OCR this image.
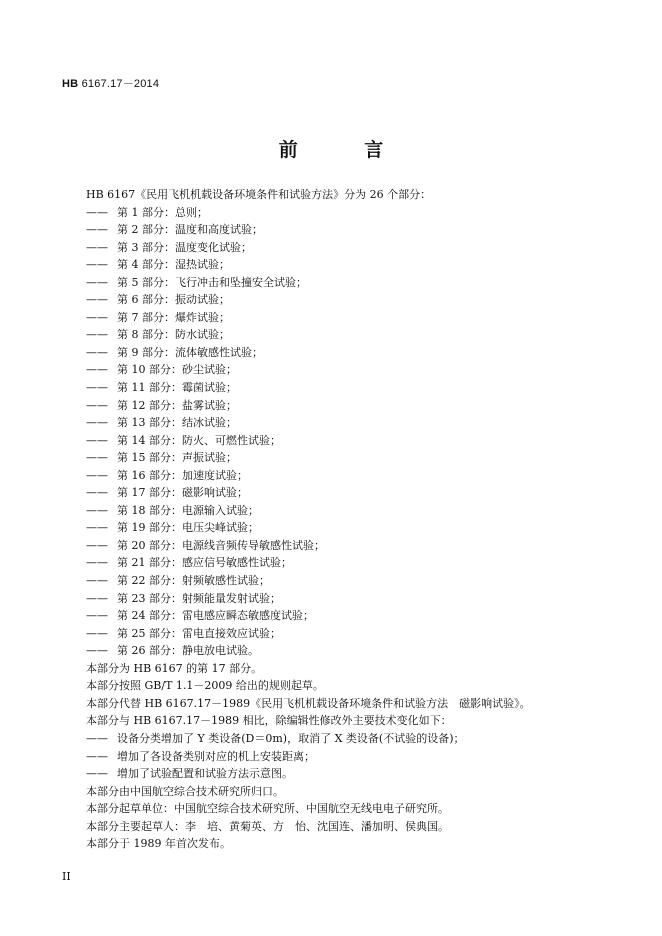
HB 6167.17－2014
前 言
HB 6167《民用飞机机载设备环境条件和试验方法》分为 26 个部分：
—— 第 1 部分：总则；
—— 第 2 部分：温度和高度试验；
—— 第 3 部分：温度变化试验；
—— 第 4 部分：湿热试验；
—— 第 5 部分：飞行冲击和坠撞安全试验；
—— 第 6 部分：振动试验；
—— 第 7 部分：爆炸试验；
—— 第 8 部分：防水试验；
—— 第 9 部分：流体敏感性试验；
—— 第 10 部分：砂尘试验；
—— 第 11 部分：霉菌试验；
—— 第 12 部分：盐雾试验；
—— 第 13 部分：结冰试验；
—— 第 14 部分：防火、可燃性试验；
—— 第 15 部分：声振试验；
—— 第 16 部分：加速度试验；
—— 第 17 部分：磁影响试验；
—— 第 18 部分：电源输入试验；
—— 第 19 部分：电压尖峰试验；
—— 第 20 部分：电源线音频传导敏感性试验；
—— 第 21 部分：感应信号敏感性试验；
—— 第 22 部分：射频敏感性试验；
—— 第 23 部分：射频能量发射试验；
—— 第 24 部分：雷电感应瞬态敏感度试验；
—— 第 25 部分：雷电直接效应试验；
—— 第 26 部分：静电放电试验。
本部分为 HB 6167 的第 17 部分。
本部分按照 GB/T 1.1－2009 给出的规则起草。
本部分代替 HB 6167.17－1989《民用飞机机载设备环境条件和试验方法　磁影响试验》。
本部分与 HB 6167.17－1989 相比，除编辑性修改外主要技术变化如下：
—— 设备分类增加了 Y 类设备(D＝0m)，取消了 X 类设备(不试验的设备)；
—— 增加了各设备类别对应的机上安装距离；
—— 增加了试验配置和试验方法示意图。
本部分由中国航空综合技术研究所归口。
本部分起草单位：中国航空综合技术研究所、中国航空无线电电子研究所。
本部分主要起草人：李　培、黄菊英、方　怡、沈国连、潘加明、侯典国。
本部分于 1989 年首次发布。
II
